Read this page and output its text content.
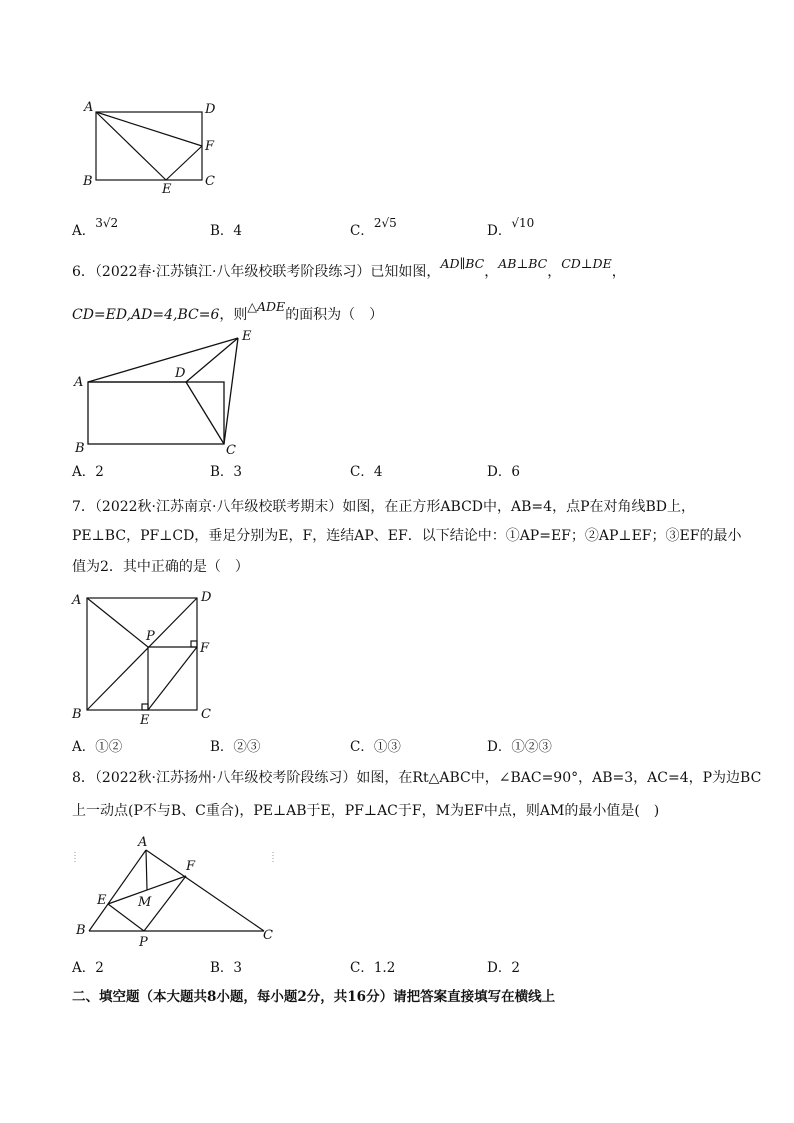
A	D
F
B
E
C
A．3√2	B．4	C．2√5	D．√10
6．（2022春·江苏镇江·八年级校联考阶段练习）已知如图，AD∥BC，AB⊥BC，CD⊥DE，
CD=ED,AD=4,BC=6，则△ADE的面积为（　）
A
B	C
D
E
A．2	B．3	C．4	D．6
7．（2022秋·江苏南京·八年级校联考期末）如图，在正方形ABCD中，AB=4，点P在对角线BD上，
PE⊥BC，PF⊥CD，垂足分别为E，F，连结AP、EF．以下结论中：①AP=EF；②AP⊥EF；③EF的最小
值为2．其中正确的是（　）
A	D
P
F
B	E	C
A．①②	B．②③	C．①③	D．①②③
8．（2022秋·江苏扬州·八年级校考阶段练习）如图，在Rt△ABC中，∠BAC=90°，AB=3，AC=4，P为边BC
上一动点(P不与B、C重合)，PE⊥AB于E，PF⊥AC于F，M为EF中点，则AM的最小值是(　)
A
F
E M
B
P	C
A．2	B．3	C．1.2	D．2
二、填空题（本大题共8小题，每小题2分，共16分）请把答案直接填写在横线上
